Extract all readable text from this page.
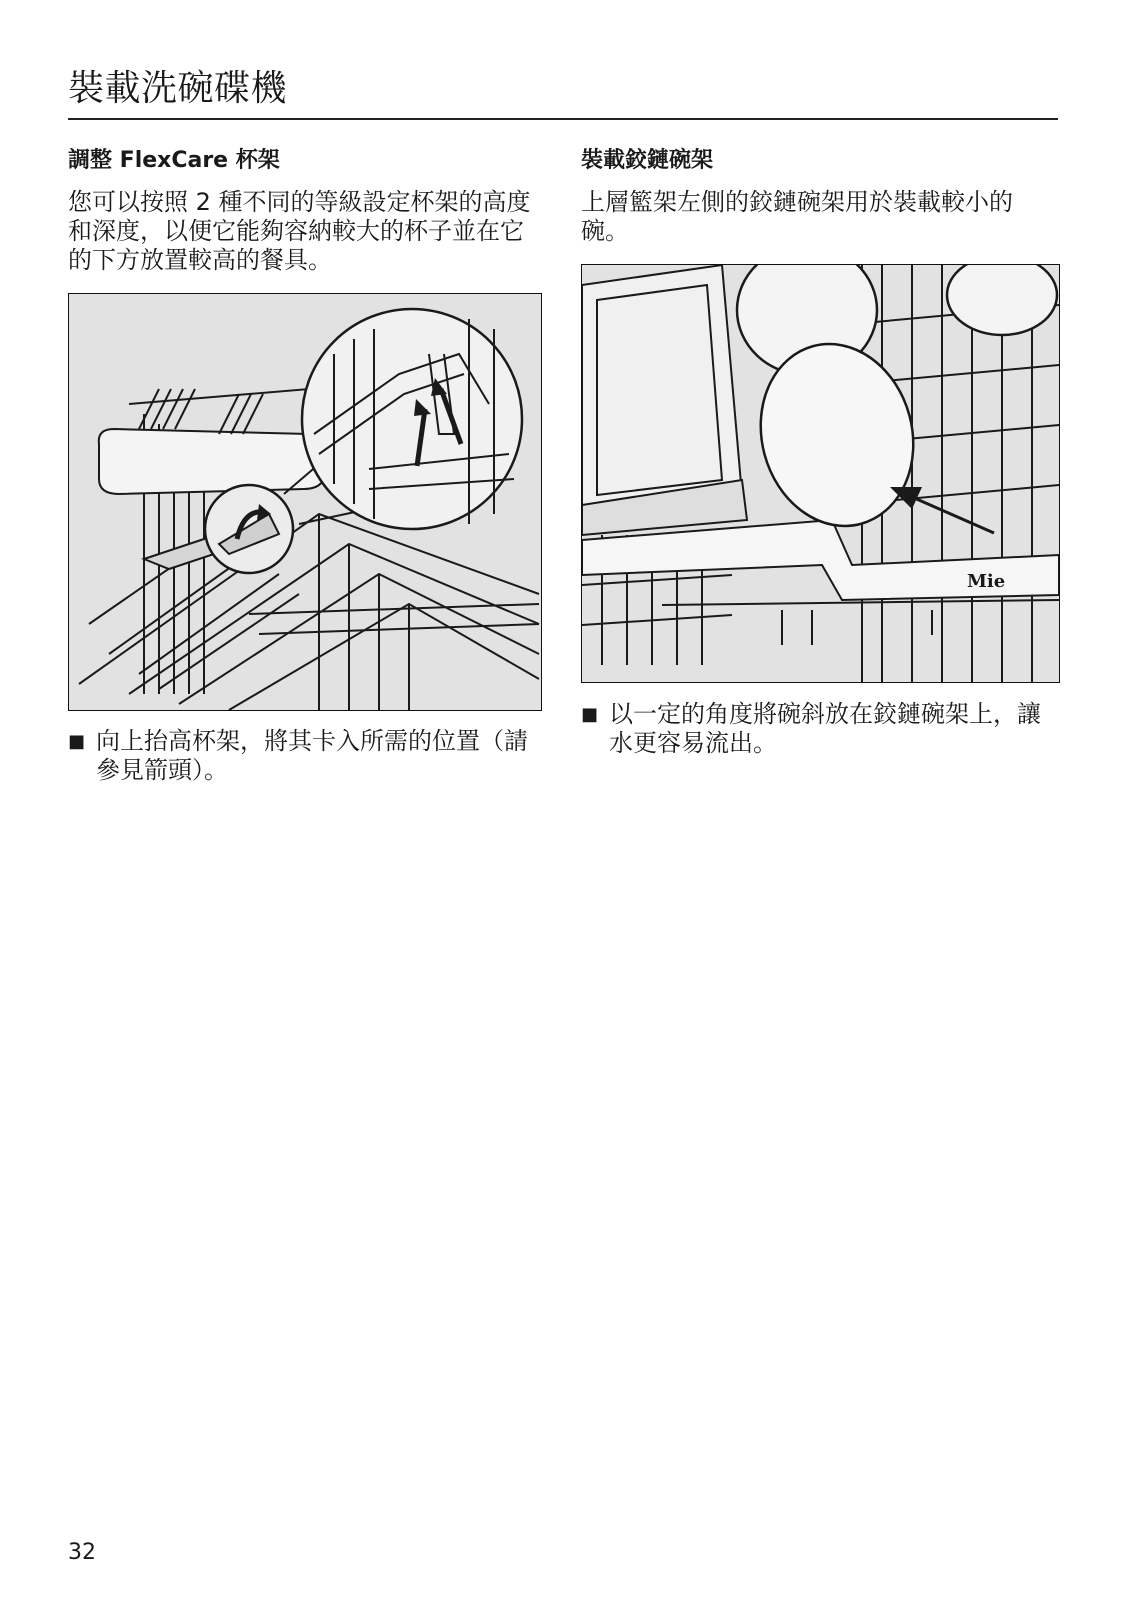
裝載洗碗碟機
調整 FlexCare 杯架

您可以按照 2 種不同的等級設定杯架的高度和深度，以便它能夠容納較大的杯子並在它的下方放置較高的餐具。

裝載鉸鏈碗架

上層籃架左側的鉸鏈碗架用於裝載較小的碗。

Mie
■ 向上抬高杯架，將其卡入所需的位置（請參見箭頭）。
■ 以一定的角度將碗斜放在鉸鏈碗架上，讓水更容易流出。
32
